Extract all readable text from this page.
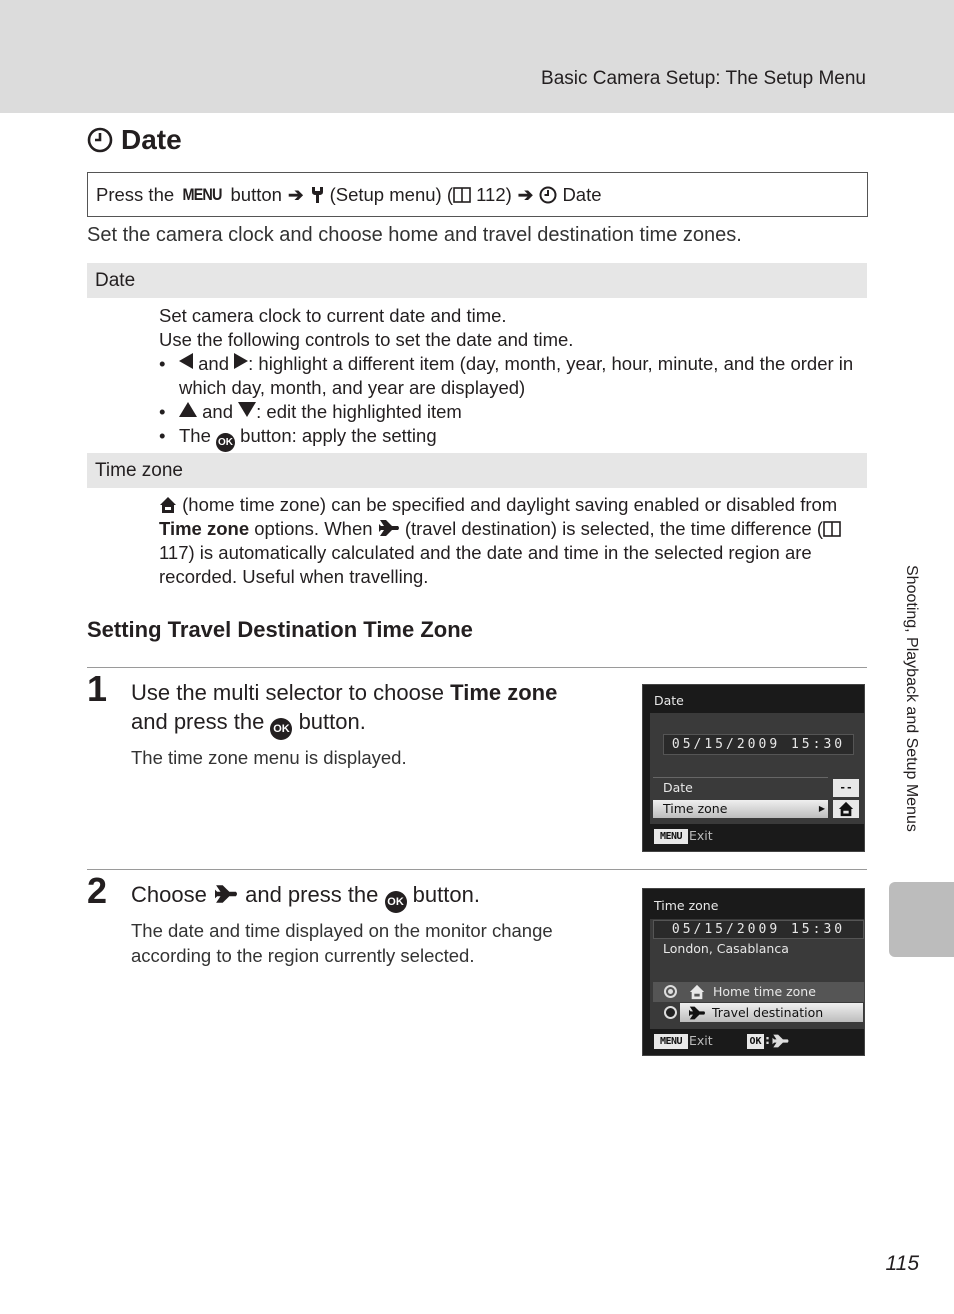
Basic Camera Setup: The Setup Menu
Date
Press the
MENU
button ➔
(Setup menu) (
112) ➔
Date
Set the camera clock and choose home and travel destination time zones.
Date
Set camera clock to current date and time.
Use the following controls to set the date and time.
• and : highlight a different item (day, month, year, hour, minute, and the order in which day, month, and year are displayed)
• and : edit the highlighted item
• The OK button: apply the setting
Time zone
(home time zone) can be specified and daylight saving enabled or disabled from Time zone options. When (travel destination) is selected, the time difference ( 117) is automatically calculated and the date and time in the selected region are recorded. Useful when travelling.
Setting Travel Destination Time Zone
1 Use the multi selector to choose Time zone
and press the OK button.
The time zone menu is displayed.
Date
05/15/2009 15:30
Date
Time zone	▶
--
MENU Exit
2 Choose and press the OK button.
The date and time displayed on the monitor change according to the region currently selected.
Time zone
05/15/2009 15:30
London, Casablanca
Home time zone
Travel destination
MENU Exit	OK :
Shooting, Playback and Setup Menus
115
